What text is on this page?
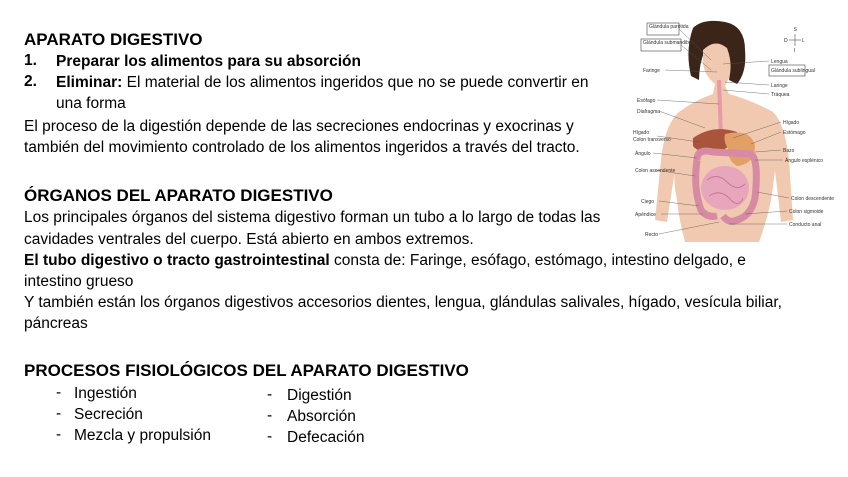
APARATO DIGESTIVO
1. Preparar los alimentos para su absorción
2. Eliminar: El material de los alimentos ingeridos que no se puede convertir en
una forma
El proceso de la digestión depende de las secreciones endocrinas y exocrinas y
también del movimiento controlado de los alimentos ingeridos a través del tracto.
ÓRGANOS DEL APARATO DIGESTIVO
Los principales órganos del sistema digestivo forman un tubo a lo largo de todas las
cavidades ventrales del cuerpo. Está abierto en ambos extremos.
El tubo digestivo o tracto gastrointestinal consta de: Faringe, esófago, estómago, intestino delgado, e
intestino grueso
Y también están los órganos digestivos accesorios dientes, lengua, glándulas salivales, hígado, vesícula biliar,
páncreas
PROCESOS FISIOLÓGICOS DEL APARATO DIGESTIVO
- Ingestión
- Secreción
- Mezcla y propulsión
- Digestión
- Absorción
- Defecación
Glándula parótida
Glándula submandibular
Faringe
Esófago
Diafragma
Hígado
Colon transverso
Ángulo
Colon ascendente
Ciego
Apéndice
Recto
Lengua
Glándula sublingual
Laringe
Tráquea
Hígado
Estómago
Bazo
Ángulo esplénico
Colon descendente
Colon sigmoide
Conducto anal
S
D	L
I
